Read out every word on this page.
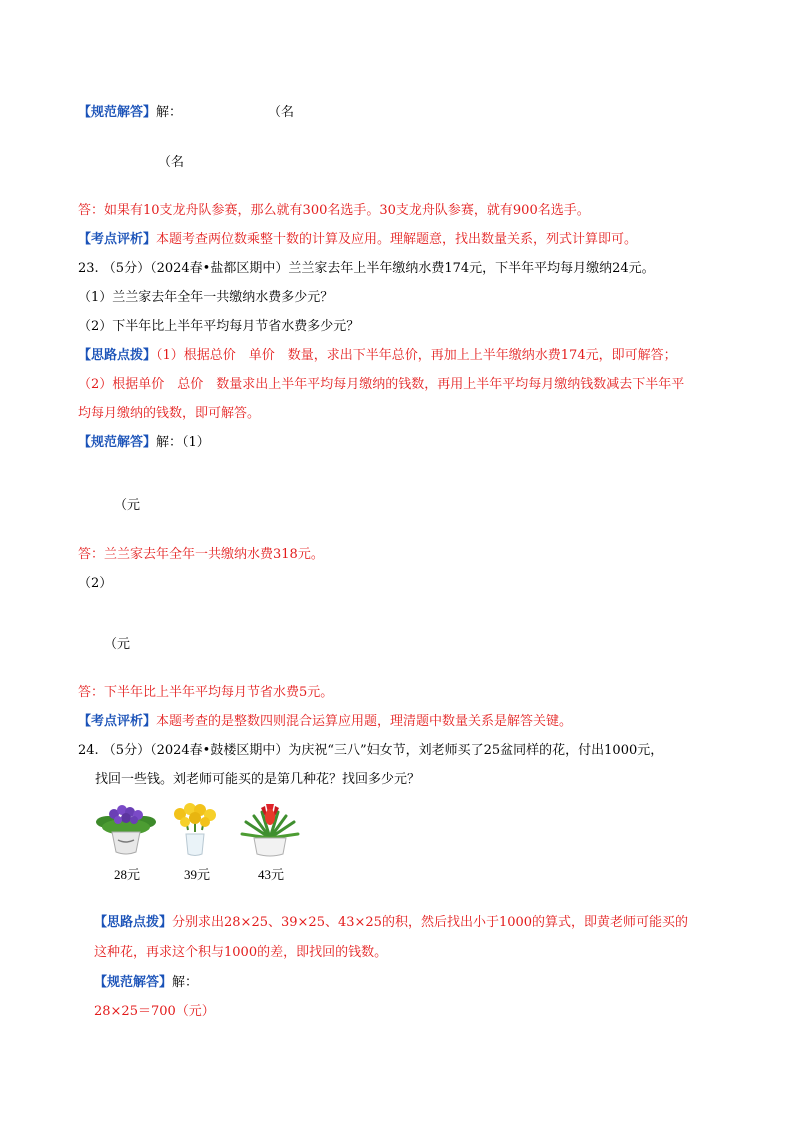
【规范解答】解：	（名
（名
答：如果有10支龙舟队参赛，那么就有300名选手。30支龙舟队参赛，就有900名选手。
【考点评析】本题考查两位数乘整十数的计算及应用。理解题意，找出数量关系，列式计算即可。
23. （5分）（2024春•盐都区期中）兰兰家去年上半年缴纳水费174元，下半年平均每月缴纳24元。
（1）兰兰家去年全年一共缴纳水费多少元？
（2）下半年比上半年平均每月节省水费多少元？
【思路点拨】（1）根据总价　单价　数量，求出下半年总价，再加上上半年缴纳水费174元，即可解答；
（2）根据单价　总价　数量求出上半年平均每月缴纳的钱数，再用上半年平均每月缴纳钱数减去下半年平
均每月缴纳的钱数，即可解答。
【规范解答】解：（1）
（元
答：兰兰家去年全年一共缴纳水费318元。
（2）
（元
答：下半年比上半年平均每月节省水费5元。
【考点评析】本题考查的是整数四则混合运算应用题，理清题中数量关系是解答关键。
24. （5分）（2024春•鼓楼区期中）为庆祝“三八”妇女节，刘老师买了25盆同样的花，付出1000元，
找回一些钱。刘老师可能买的是第几种花？找回多少元？
28元	39元	43元
【思路点拨】分别求出28×25、39×25、43×25的积，然后找出小于1000的算式，即黄老师可能买的
这种花，再求这个积与1000的差，即找回的钱数。
【规范解答】解：
28×25＝700（元）
